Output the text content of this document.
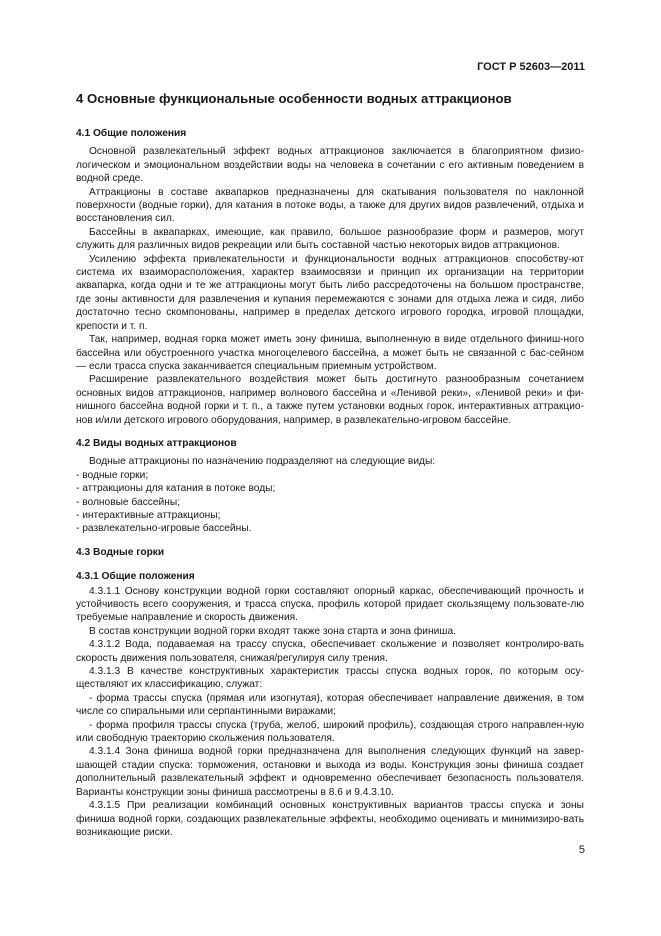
ГОСТ Р 52603—2011
4 Основные функциональные особенности водных аттракционов
4.1 Общие положения

Основной развлекательный эффект водных аттракционов заключается в благоприятном физио-логическом и эмоциональном воздействии воды на человека в сочетании с его активным поведением в водной среде.

Аттракционы в составе аквапарков предназначены для скатывания пользователя по наклонной поверхности (водные горки), для катания в потоке воды, а также для других видов развлечений, отдыха и восстановления сил.

Бассейны в аквапарках, имеющие, как правило, большое разнообразие форм и размеров, могут служить для различных видов рекреации или быть составной частью некоторых видов аттракционов.

Усилению эффекта привлекательности и функциональности водных аттракционов способству-ют система их взаиморасположения, характер взаимосвязи и принцип их организации на территории аквапарка, когда одни и те же аттракционы могут быть либо рассредоточены на большом пространстве, где зоны активности для развлечения и купания перемежаются с зонами для отдыха лежа и сидя, либо достаточно тесно скомпонованы, например в пределах детского игрового городка, игровой площадки, крепости и т. п.

Так, например, водная горка может иметь зону финиша, выполненную в виде отдельного финиш-ного бассейна или обустроенного участка многоцелевого бассейна, а может быть не связанной с бас-сейном — если трасса спуска заканчивается специальным приемным устройством.

Расширение развлекательного воздействия может быть достигнуто разнообразным сочетанием основных видов аттракционов, например волнового бассейна и «Ленивой реки», «Ленивой реки» и фи-нишного бассейна водной горки и т. п., а также путем установки водных горок, интерактивных аттракцио-нов и/или детского игрового оборудования, например, в развлекательно-игровом бассейне.

4.2 Виды водных аттракционов

Водные аттракционы по назначению подразделяют на следующие виды:

- водные горки;

- аттракционы для катания в потоке воды;

- волновые бассейны;

- интерактивные аттракционы;

- развлекательно-игровые бассейны.

4.3 Водные горки
4.3.1 Общие положения

4.3.1.1 Основу конструкции водной горки составляют опорный каркас, обеспечивающий прочность и устойчивость всего сооружения, и трасса спуска, профиль которой придает скользящему пользовате-лю требуемые направление и скорость движения.

В состав конструкции водной горки входят также зона старта и зона финиша.

4.3.1.2 Вода, подаваемая на трассу спуска, обеспечивает скольжение и позволяет контролиро-вать скорость движения пользователя, снижая/регулируя силу трения.

4.3.1.3 В качестве конструктивных характеристик трассы спуска водных горок, по которым осу-ществляют их классификацию, служат:

- форма трассы спуска (прямая или изогнутая), которая обеспечивает направление движения, в том числе со спиральными или серпантинными виражами;

- форма профиля трассы спуска (труба, желоб, широкий профиль), создающая строго направлен-ную или свободную траекторию скольжения пользователя.

4.3.1.4 Зона финиша водной горки предназначена для выполнения следующих функций на завер-шающей стадии спуска: торможения, остановки и выхода из воды. Конструкция зоны финиша создает дополнительный развлекательный эффект и одновременно обеспечивает безопасность пользователя. Варианты конструкции зоны финиша рассмотрены в 8.6 и 9.4.3.10.

4.3.1.5 При реализации комбинаций основных конструктивных вариантов трассы спуска и зоны финиша водной горки, создающих развлекательные эффекты, необходимо оценивать и минимизиро-вать возникающие риски.

5
